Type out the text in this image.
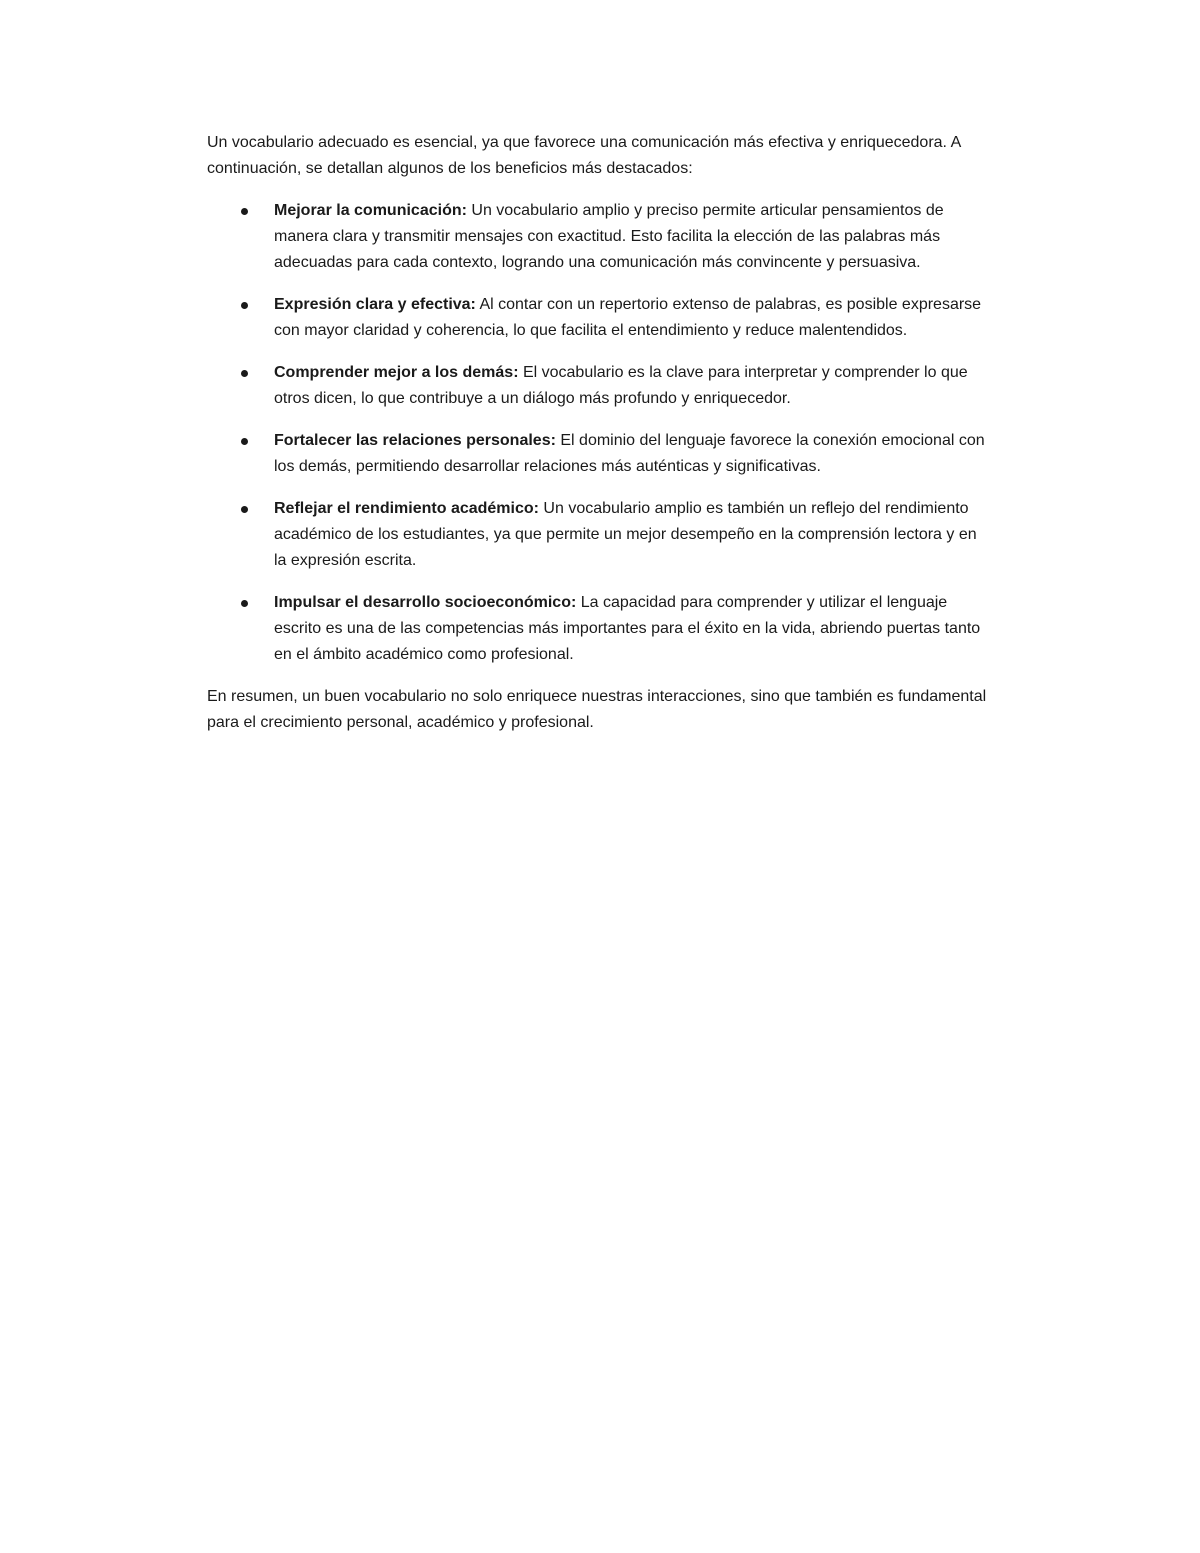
Un vocabulario adecuado es esencial, ya que favorece una comunicación más efectiva y enriquecedora. A continuación, se detallan algunos de los beneficios más destacados:

Mejorar la comunicación: Un vocabulario amplio y preciso permite articular pensamientos de manera clara y transmitir mensajes con exactitud. Esto facilita la elección de las palabras más adecuadas para cada contexto, logrando una comunicación más convincente y persuasiva.
Expresión clara y efectiva: Al contar con un repertorio extenso de palabras, es posible expresarse con mayor claridad y coherencia, lo que facilita el entendimiento y reduce malentendidos.
Comprender mejor a los demás: El vocabulario es la clave para interpretar y comprender lo que otros dicen, lo que contribuye a un diálogo más profundo y enriquecedor.
Fortalecer las relaciones personales: El dominio del lenguaje favorece la conexión emocional con los demás, permitiendo desarrollar relaciones más auténticas y significativas.
Reflejar el rendimiento académico: Un vocabulario amplio es también un reflejo del rendimiento académico de los estudiantes, ya que permite un mejor desempeño en la comprensión lectora y en la expresión escrita.
Impulsar el desarrollo socioeconómico: La capacidad para comprender y utilizar el lenguaje escrito es una de las competencias más importantes para el éxito en la vida, abriendo puertas tanto en el ámbito académico como profesional.

En resumen, un buen vocabulario no solo enriquece nuestras interacciones, sino que también es fundamental para el crecimiento personal, académico y profesional.
